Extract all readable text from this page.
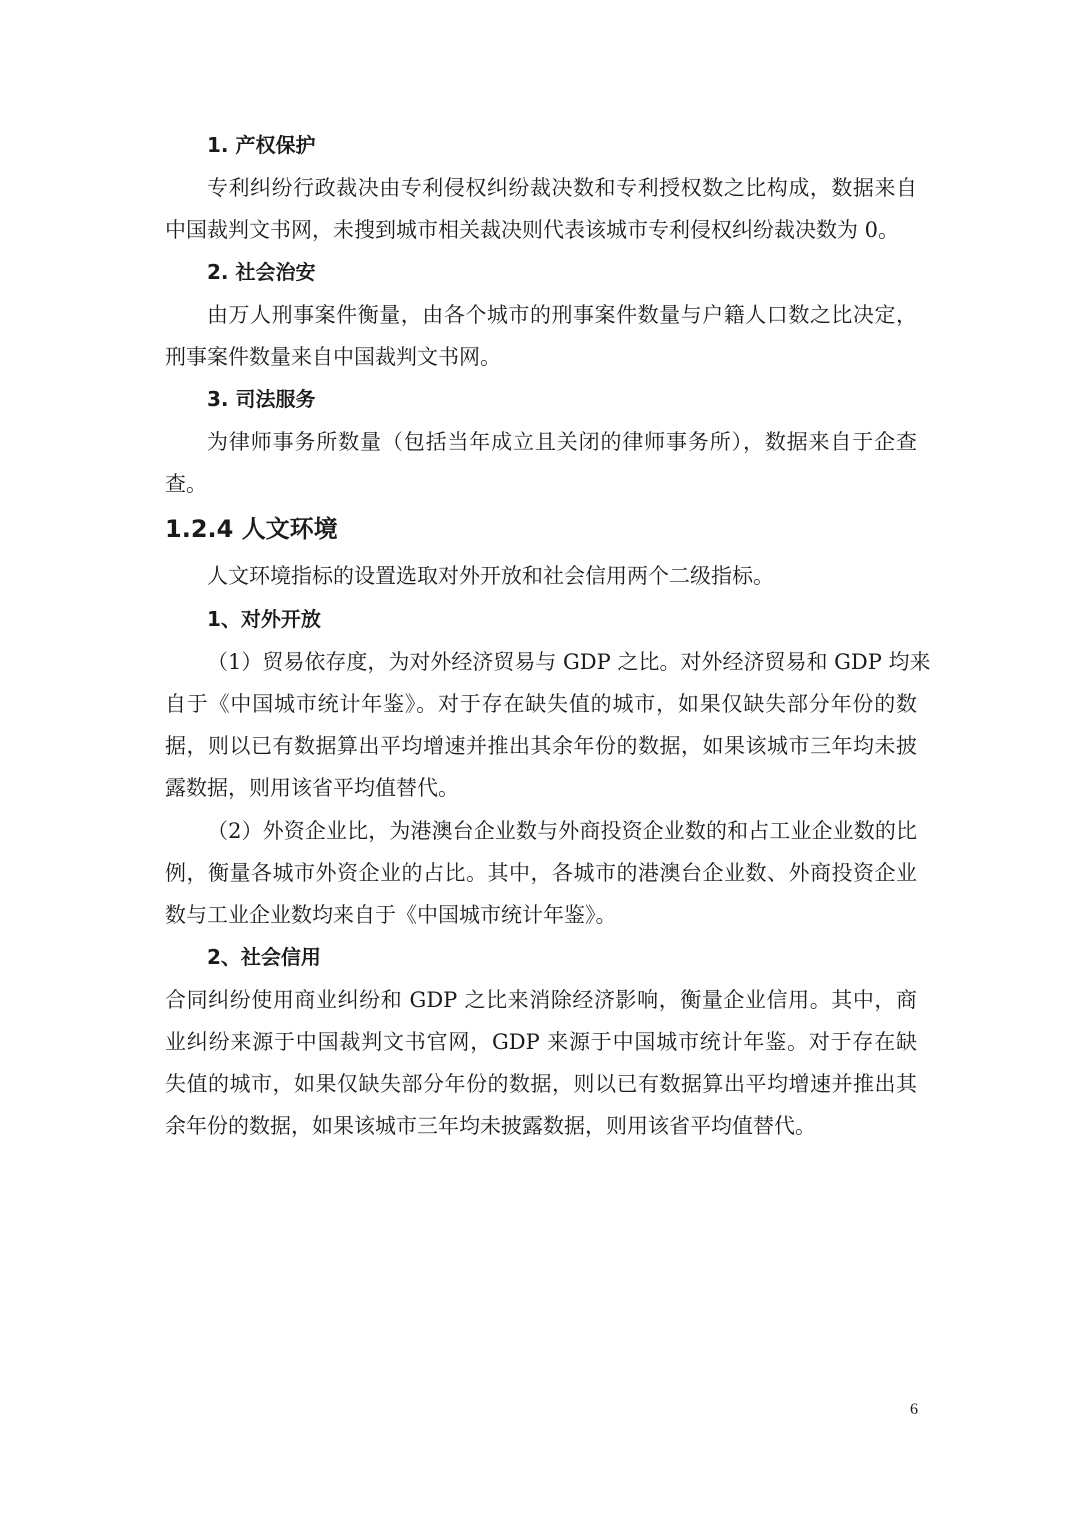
1. 产权保护
专利纠纷行政裁决由专利侵权纠纷裁决数和专利授权数之比构成，数据来自
中国裁判文书网，未搜到城市相关裁决则代表该城市专利侵权纠纷裁决数为 0。
2. 社会治安
由万人刑事案件衡量，由各个城市的刑事案件数量与户籍人口数之比决定，
刑事案件数量来自中国裁判文书网。
3. 司法服务
为律师事务所数量（包括当年成立且关闭的律师事务所），数据来自于企查
查。
1.2.4 人文环境
人文环境指标的设置选取对外开放和社会信用两个二级指标。
1、对外开放
（1）贸易依存度，为对外经济贸易与 GDP 之比。对外经济贸易和 GDP 均来
自于《中国城市统计年鉴》。对于存在缺失值的城市，如果仅缺失部分年份的数
据，则以已有数据算出平均增速并推出其余年份的数据，如果该城市三年均未披
露数据，则用该省平均值替代。
（2）外资企业比，为港澳台企业数与外商投资企业数的和占工业企业数的比
例，衡量各城市外资企业的占比。其中，各城市的港澳台企业数、外商投资企业
数与工业企业数均来自于《中国城市统计年鉴》。
2、社会信用
合同纠纷使用商业纠纷和 GDP 之比来消除经济影响，衡量企业信用。其中，商
业纠纷来源于中国裁判文书官网，GDP 来源于中国城市统计年鉴。对于存在缺
失值的城市，如果仅缺失部分年份的数据，则以已有数据算出平均增速并推出其
余年份的数据，如果该城市三年均未披露数据，则用该省平均值替代。
6
